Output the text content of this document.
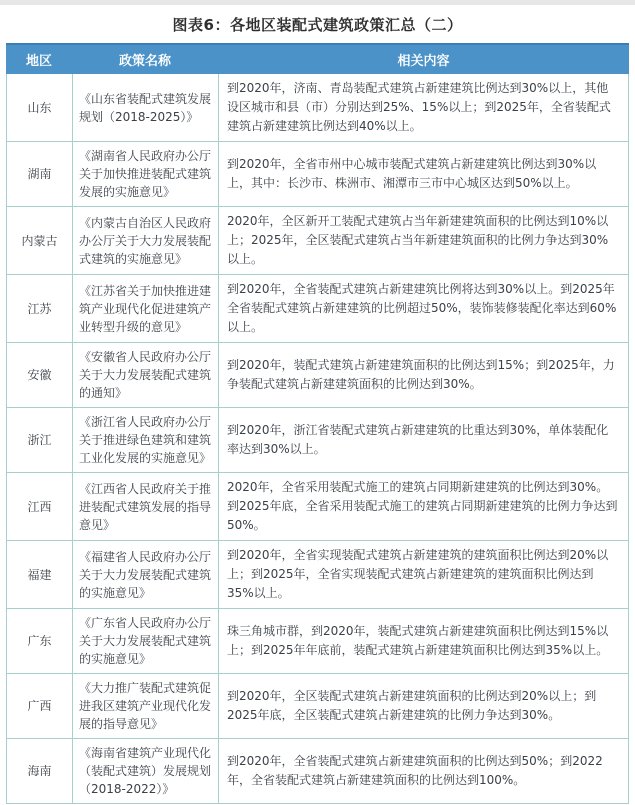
图表6：各地区装配式建筑政策汇总（二）
地区	政策名称	相关内容
山东
《山东省装配式建筑发展规划（2018-2025）》
到2020年，济南、青岛装配式建筑占新建建筑比例达到30%以上，其他设区城市和县（市）分别达到25%、15%以上；到2025年，全省装配式建筑占新建建筑比例达到40%以上。
湖南
《湖南省人民政府办公厅关于加快推进装配式建筑发展的实施意见》
到2020年，全省市州中心城市装配式建筑占新建建筑比例达到30%以上，其中：长沙市、株洲市、湘潭市三市中心城区达到50%以上。
内蒙古
《内蒙古自治区人民政府办公厅关于大力发展装配式建筑的实施意见》
2020年，全区新开工装配式建筑占当年新建建筑面积的比例达到10%以上；2025年，全区装配式建筑占当年新建建筑面积的比例力争达到30%以上。
江苏
《江苏省关于加快推进建筑产业现代化促进建筑产业转型升级的意见》
到2020年，全省装配式建筑占新建建筑比例将达到30%以上。到2025年全省装配式建筑占新建建筑的比例超过50%，装饰装修装配化率达到60%以上。
安徽
《安徽省人民政府办公厅关于大力发展装配式建筑的通知》
到2020年，装配式建筑占新建建筑面积的比例达到15%；到2025年，力争装配式建筑占新建建筑面积的比例达到30%。
浙江
《浙江省人民政府办公厅关于推进绿色建筑和建筑工业化发展的实施意见》
到2020年，浙江省装配式建筑占新建建筑的比重达到30%，单体装配化率达到30%以上。
江西
《江西省人民政府关于推进装配式建筑发展的指导意见》
2020年，全省采用装配式施工的建筑占同期新建建筑的比例达到30%。到2025年底，全省采用装配式施工的建筑占同期新建建筑的比例力争达到50%。
福建
《福建省人民政府办公厅关于大力发展装配式建筑的实施意见》
到2020年，全省实现装配式建筑占新建建筑的建筑面积比例达到20%以上；到2025年，全省实现装配式建筑占新建建筑的建筑面积比例达到35%以上。
广东
《广东省人民政府办公厅关于大力发展装配式建筑的实施意见》
珠三角城市群，到2020年，装配式建筑占新建建筑面积比例达到15%以上；到2025年年底前，装配式建筑占新建建筑面积比例达到35%以上。
广西
《大力推广装配式建筑促进我区建筑产业现代化发展的指导意见》
到2020年，全区装配式建筑占新建建筑面积的比例达到20%以上；到2025年底，全区装配式建筑占新建建筑的比例力争达到30%。
海南
《海南省建筑产业现代化（装配式建筑）发展规划（2018-2022）》
到2020年，全省装配式建筑占新建建筑面积的比例达到50%；到2022年，全省装配式建筑占新建建筑面积的比例达到100%。
